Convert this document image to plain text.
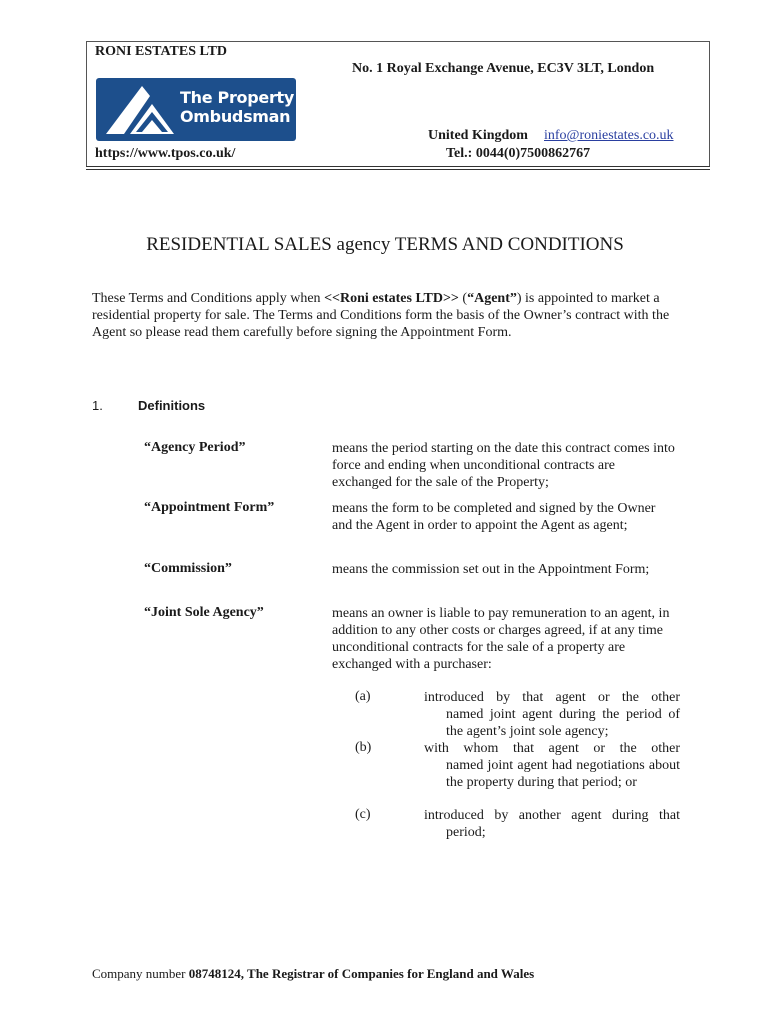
RONI ESTATES LTD
No. 1 Royal Exchange Avenue, EC3V 3LT, London
The Property
Ombudsman
United Kingdom info@roniestates.co.uk
https://www.tpos.co.uk/	Tel.: 0044(0)7500862767
RESIDENTIAL SALES agency TERMS AND CONDITIONS
These Terms and Conditions apply when <<Roni estates LTD>> (“Agent”) is appointed to market a residential property for sale. The Terms and Conditions form the basis of the Owner’s contract with the Agent so please read them carefully before signing the Appointment Form.
1.	Definitions
“Agency Period”	means the period starting on the date this contract comes into force and ending when unconditional contracts are exchanged for the sale of the Property;
“Appointment Form”	means the form to be completed and signed by the Owner and the Agent in order to appoint the Agent as agent;
“Commission”	means the commission set out in the Appointment Form;
“Joint Sole Agency”	means an owner is liable to pay remuneration to an agent, in addition to any other costs or charges agreed, if at any time unconditional contracts for the sale of a property are exchanged with a purchaser:
(a)	introduced by that agent or the other
named joint agent during the period of the agent’s joint sole agency;
(b)	with whom that agent or the other
named joint agent had negotiations about the property during that period; or
(c)	introduced by another agent during that
period;
Company number 08748124, The Registrar of Companies for England and Wales
